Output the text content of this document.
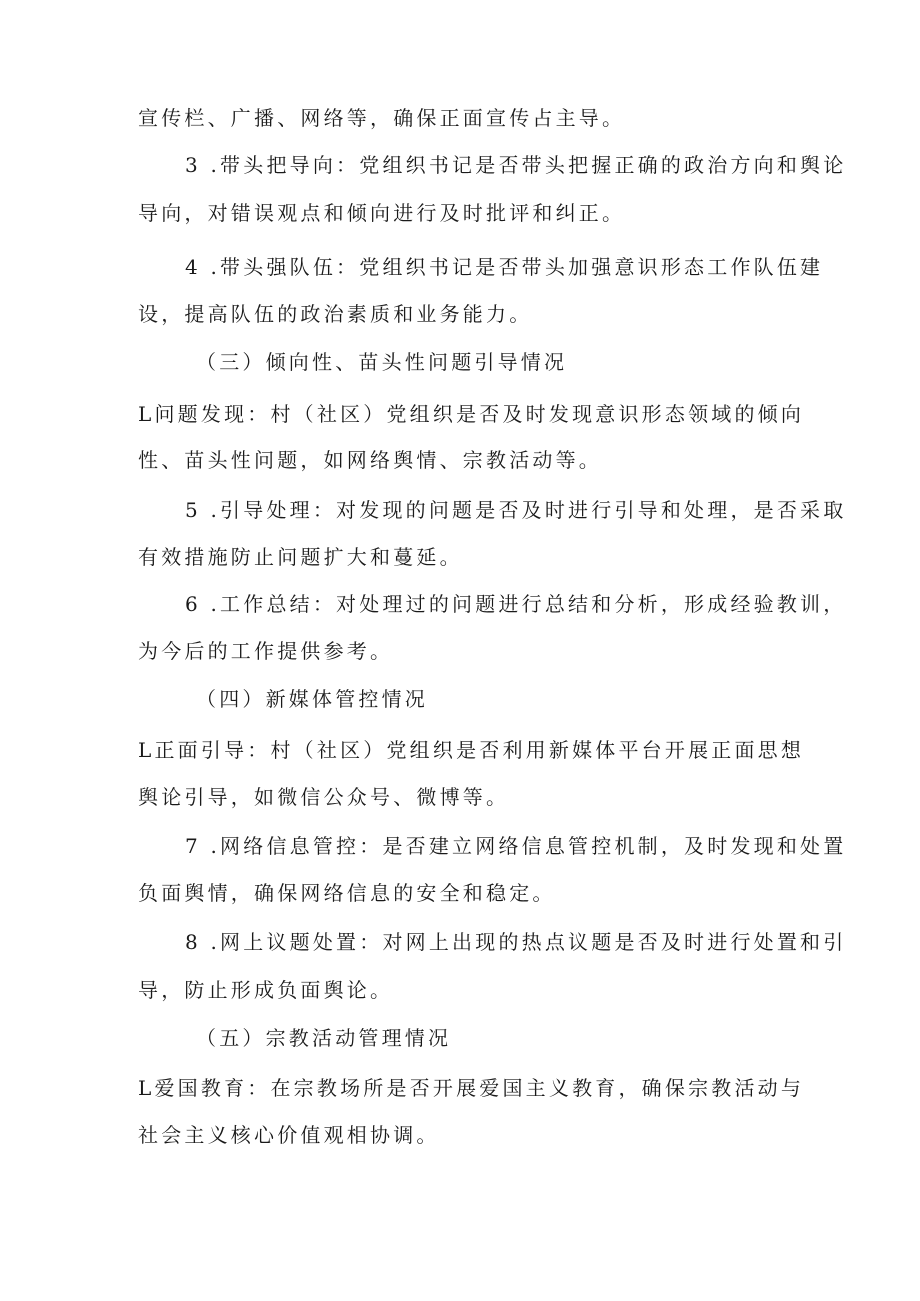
宣传栏、广播、网络等，确保正面宣传占主导。
3 .带头把导向：党组织书记是否带头把握正确的政治方向和舆论
导向，对错误观点和倾向进行及时批评和纠正。
4 .带头强队伍：党组织书记是否带头加强意识形态工作队伍建
设，提高队伍的政治素质和业务能力。
（三）倾向性、苗头性问题引导情况
L问题发现：村（社区）党组织是否及时发现意识形态领域的倾向
性、苗头性问题，如网络舆情、宗教活动等。
5 .引导处理：对发现的问题是否及时进行引导和处理，是否采取
有效措施防止问题扩大和蔓延。
6 .工作总结：对处理过的问题进行总结和分析，形成经验教训，
为今后的工作提供参考。
（四）新媒体管控情况
L正面引导：村（社区）党组织是否利用新媒体平台开展正面思想
舆论引导，如微信公众号、微博等。
7 .网络信息管控：是否建立网络信息管控机制，及时发现和处置
负面舆情，确保网络信息的安全和稳定。
8 .网上议题处置：对网上出现的热点议题是否及时进行处置和引
导，防止形成负面舆论。
（五）宗教活动管理情况
L爱国教育：在宗教场所是否开展爱国主义教育，确保宗教活动与
社会主义核心价值观相协调。
